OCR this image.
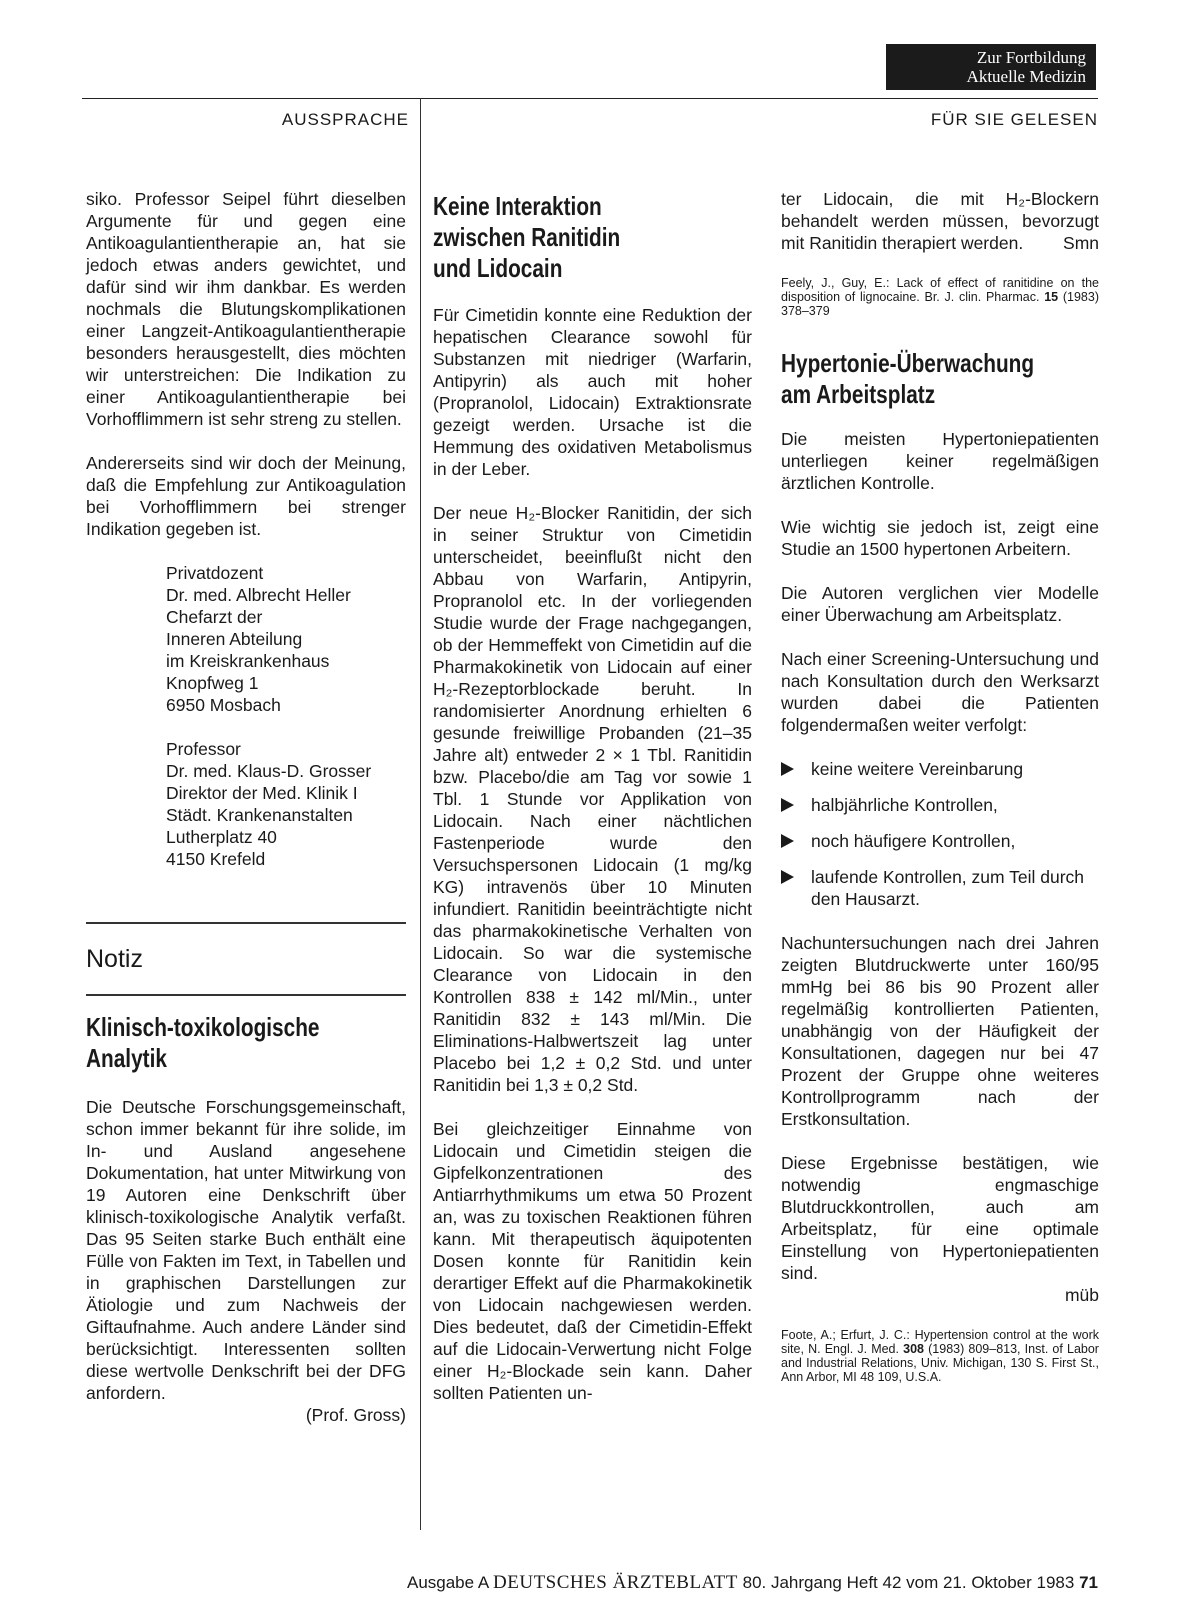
Zur Fortbildung
Aktuelle Medizin
AUSSPRACHE	FÜR SIE GELESEN

siko. Professor Seipel führt dieselben Argumente für und gegen eine Antikoagulantientherapie an, hat sie jedoch etwas anders gewichtet, und dafür sind wir ihm dankbar. Es werden nochmals die Blutungskomplikationen einer Langzeit-Antikoagulantientherapie besonders herausgestellt, dies möchten wir unterstreichen: Die Indikation zu einer Antikoagulantientherapie bei Vorhofflimmern ist sehr streng zu stellen.

Andererseits sind wir doch der Meinung, daß die Empfehlung zur Antikoagulation bei Vorhofflimmern bei strenger Indikation gegeben ist.

Privatdozent
Dr. med. Albrecht Heller
Chefarzt der
Inneren Abteilung
im Kreiskrankenhaus
Knopfweg 1
6950 Mosbach
Professor
Dr. med. Klaus-D. Grosser
Direktor der Med. Klinik I
Städt. Krankenanstalten
Lutherplatz 40
4150 Krefeld
Notiz
Klinisch-toxikologische
Analytik

Die Deutsche Forschungsgemeinschaft, schon immer bekannt für ihre solide, im In- und Ausland angesehene Dokumentation, hat unter Mitwirkung von 19 Autoren eine Denkschrift über klinisch-toxikologische Analytik verfaßt. Das 95 Seiten starke Buch enthält eine Fülle von Fakten im Text, in Tabellen und in graphischen Darstellungen zur Ätiologie und zum Nachweis der Giftaufnahme. Auch andere Länder sind berücksichtigt. Interessenten sollten diese wertvolle Denkschrift bei der DFG anfordern.

(Prof. Gross)
Keine Interaktion
zwischen Ranitidin
und Lidocain

Für Cimetidin konnte eine Reduktion der hepatischen Clearance sowohl für Substanzen mit niedriger (Warfarin, Antipyrin) als auch mit hoher (Propranolol, Lidocain) Extraktionsrate gezeigt werden. Ursache ist die Hemmung des oxidativen Metabolismus in der Leber.

Der neue H₂-Blocker Ranitidin, der sich in seiner Struktur von Cimetidin unterscheidet, beeinflußt nicht den Abbau von Warfarin, Antipyrin, Propranolol etc. In der vorliegenden Studie wurde der Frage nachgegangen, ob der Hemmeffekt von Cimetidin auf die Pharmakokinetik von Lidocain auf einer H₂-Rezeptorblockade beruht. In randomisierter Anordnung erhielten 6 gesunde freiwillige Probanden (21–35 Jahre alt) entweder 2 × 1 Tbl. Ranitidin bzw. Placebo/die am Tag vor sowie 1 Tbl. 1 Stunde vor Applikation von Lidocain. Nach einer nächtlichen Fastenperiode wurde den Versuchspersonen Lidocain (1 mg/kg KG) intravenös über 10 Minuten infundiert. Ranitidin beeinträchtigte nicht das pharmakokinetische Verhalten von Lidocain. So war die systemische Clearance von Lidocain in den Kontrollen 838 ± 142 ml/Min., unter Ranitidin 832 ± 143 ml/Min. Die Eliminations-Halbwertszeit lag unter Placebo bei 1,2 ± 0,2 Std. und unter Ranitidin bei 1,3 ± 0,2 Std.

Bei gleichzeitiger Einnahme von Lidocain und Cimetidin steigen die Gipfelkonzentrationen des Antiarrhythmikums um etwa 50 Prozent an, was zu toxischen Reaktionen führen kann. Mit therapeutisch äquipotenten Dosen konnte für Ranitidin kein derartiger Effekt auf die Pharmakokinetik von Lidocain nachgewiesen werden. Dies bedeutet, daß der Cimetidin-Effekt auf die Lidocain-Verwertung nicht Folge einer H₂-Blockade sein kann. Daher sollten Patienten un-

ter Lidocain, die mit H₂-Blockern behandelt werden müssen, bevorzugt mit Ranitidin therapiert werden. Smn

Feely, J., Guy, E.: Lack of effect of ranitidine on the disposition of lignocaine. Br. J. clin. Pharmac. 15 (1983) 378–379
Hypertonie-Überwachung
am Arbeitsplatz

Die meisten Hypertoniepatienten unterliegen keiner regelmäßigen ärztlichen Kontrolle.

Wie wichtig sie jedoch ist, zeigt eine Studie an 1500 hypertonen Arbeitern.

Die Autoren verglichen vier Modelle einer Überwachung am Arbeitsplatz.

Nach einer Screening-Untersuchung und nach Konsultation durch den Werksarzt wurden dabei die Patienten folgendermaßen weiter verfolgt:

keine weitere Vereinbarung
halbjährliche Kontrollen,
noch häufigere Kontrollen,
laufende Kontrollen, zum Teil durch den Hausarzt.

Nachuntersuchungen nach drei Jahren zeigten Blutdruckwerte unter 160/95 mmHg bei 86 bis 90 Prozent aller regelmäßig kontrollierten Patienten, unabhängig von der Häufigkeit der Konsultationen, dagegen nur bei 47 Prozent der Gruppe ohne weiteres Kontrollprogramm nach der Erstkonsultation.

Diese Ergebnisse bestätigen, wie notwendig engmaschige Blutdruckkontrollen, auch am Arbeitsplatz, für eine optimale Einstellung von Hypertoniepatienten sind.

müb
Foote, A.; Erfurt, J. C.: Hypertension control at the work site, N. Engl. J. Med. 308 (1983) 809–813, Inst. of Labor and Industrial Relations, Univ. Michigan, 130 S. First St., Ann Arbor, MI 48 109, U.S.A.
Ausgabe A DEUTSCHES ÄRZTEBLATT 80. Jahrgang Heft 42 vom 21. Oktober 1983 71
